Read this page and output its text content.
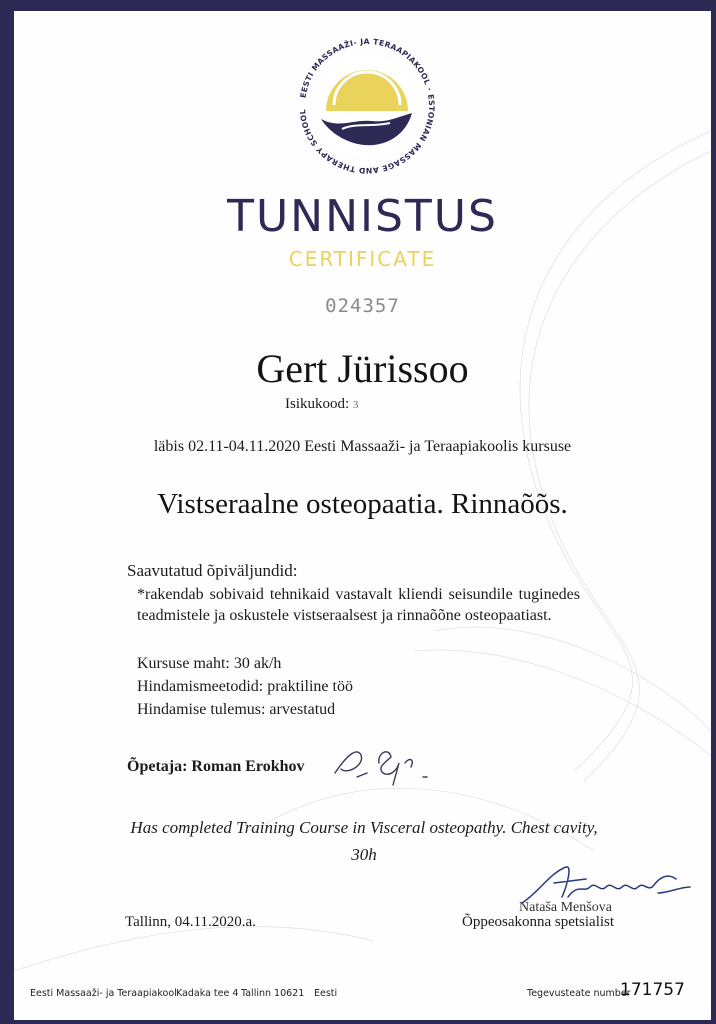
EESTI MASSAAŽI- JA TERAAPIAKOOL · ESTONIAN MASSAGE AND THERAPY SCHOOL
TUNNISTUS
CERTIFICATE
024357
Gert Jürissoo
Isikukood: 3
läbis 02.11-04.11.2020 Eesti Massaaži- ja Teraapiakoolis kursuse
Vistseraalne osteopaatia. Rinnaõõs.
Saavutatud õpiväljundid:
*rakendab sobivaid tehnikaid vastavalt kliendi seisundile tuginedes teadmistele ja oskustele vistseraalsest ja rinnaõõne osteopaatiast.
Kursuse maht: 30 ak/h
Hindamismeetodid: praktiline töö
Hindamise tulemus: arvestatud
Õpetaja: Roman Erokhov
Has completed Training Course in Visceral osteopathy. Chest cavity,
30h
Tallinn, 04.11.2020.a.
Nataša Menšova
Õppeosakonna spetsialist
Eesti Massaaži- ja Teraapiakool Kadaka tee 4 Tallinn 10621 Eesti	Tegevusteate number
171757
